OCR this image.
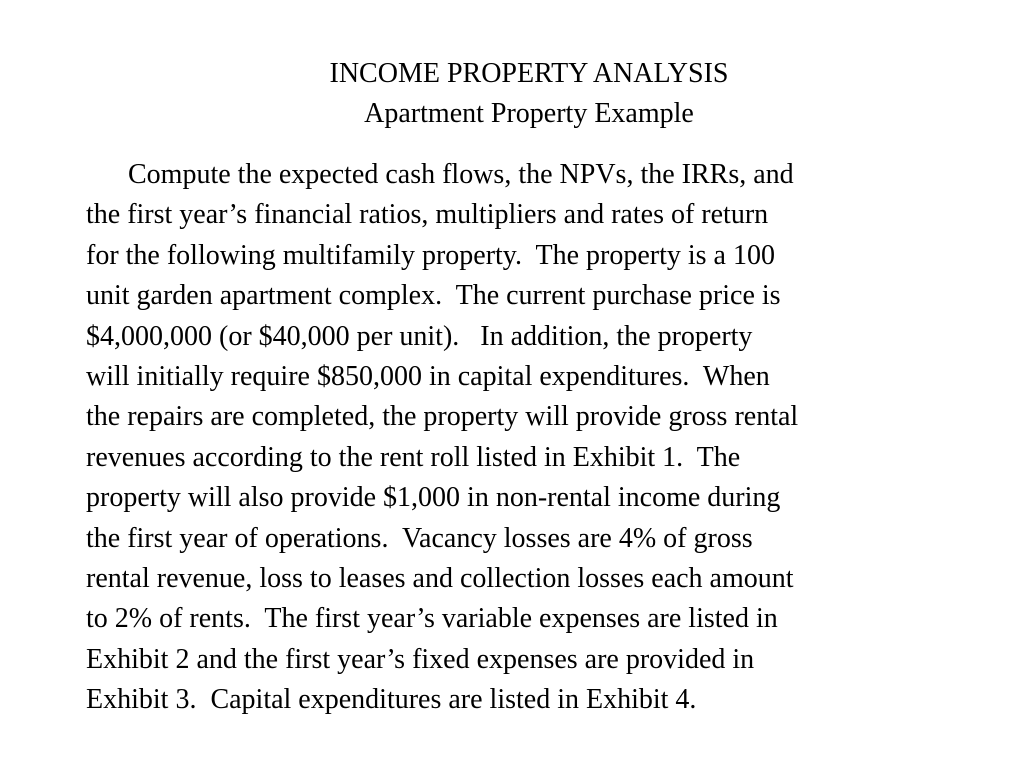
INCOME PROPERTY ANALYSIS
Apartment Property Example
Compute the expected cash flows, the NPVs, the IRRs, and
the first year’s financial ratios, multipliers and rates of return
for the following multifamily property.  The property is a 100
unit garden apartment complex.  The current purchase price is
$4,000,000 (or $40,000 per unit).   In addition, the property
will initially require $850,000 in capital expenditures.  When
the repairs are completed, the property will provide gross rental
revenues according to the rent roll listed in Exhibit 1.  The
property will also provide $1,000 in non-rental income during
the first year of operations.  Vacancy losses are 4% of gross
rental revenue, loss to leases and collection losses each amount
to 2% of rents.  The first year’s variable expenses are listed in
Exhibit 2 and the first year’s fixed expenses are provided in
Exhibit 3.  Capital expenditures are listed in Exhibit 4.
